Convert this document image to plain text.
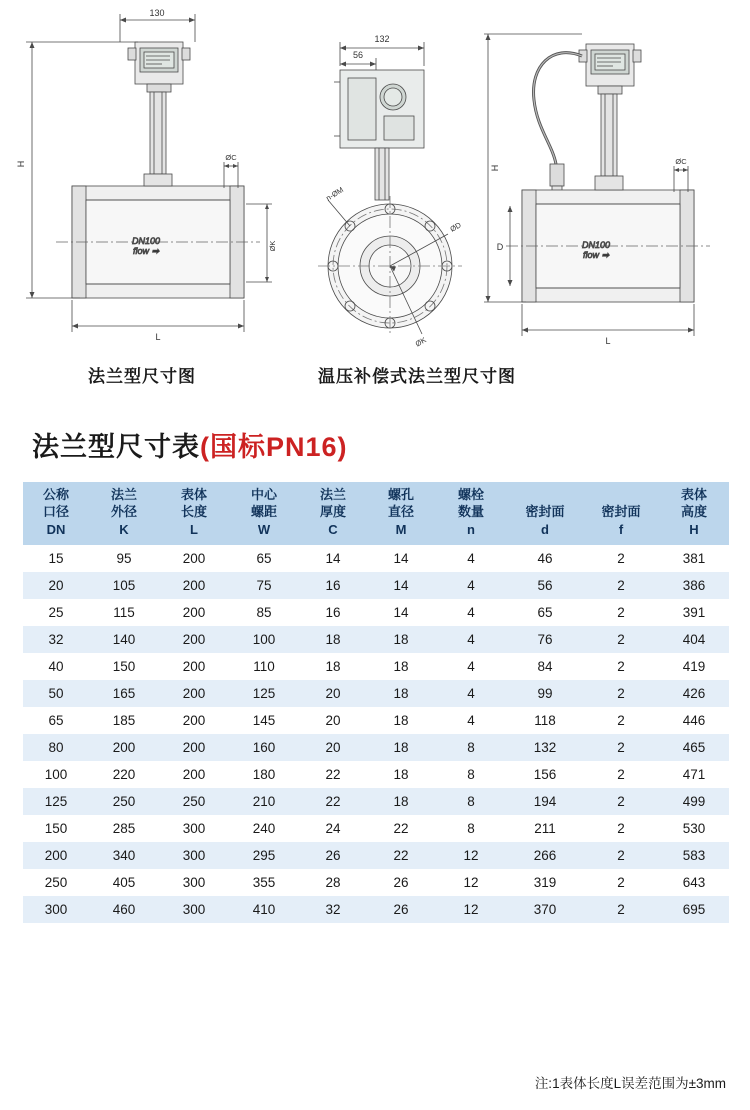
DN100
flow ➡
130
H
L
ØC
ØK
132
56
n-ØM
ØD
ØK
DN100
flow ➡
H
D
L
ØC
法兰型尺寸图	温压补偿式法兰型尺寸图
法兰型尺寸表 (国标PN16)
公称
口径
DN	法兰
外径
K	表体
长度
L	中心
螺距
W	法兰
厚度
C	螺孔
直径
M	螺栓
数量
n	密封面
d	密封面
f	表体
高度
H

15	95	200	65	14	14	4	46	2	381
20	105	200	75	16	14	4	56	2	386
25	115	200	85	16	14	4	65	2	391
32	140	200	100	18	18	4	76	2	404
40	150	200	110	18	18	4	84	2	419
50	165	200	125	20	18	4	99	2	426
65	185	200	145	20	18	4	118	2	446
80	200	200	160	20	18	8	132	2	465
100	220	200	180	22	18	8	156	2	471
125	250	250	210	22	18	8	194	2	499
150	285	300	240	24	22	8	211	2	530
200	340	300	295	26	22	12	266	2	583
250	405	300	355	28	26	12	319	2	643
300	460	300	410	32	26	12	370	2	695
注:1表体长度L误差范围为±3mm
